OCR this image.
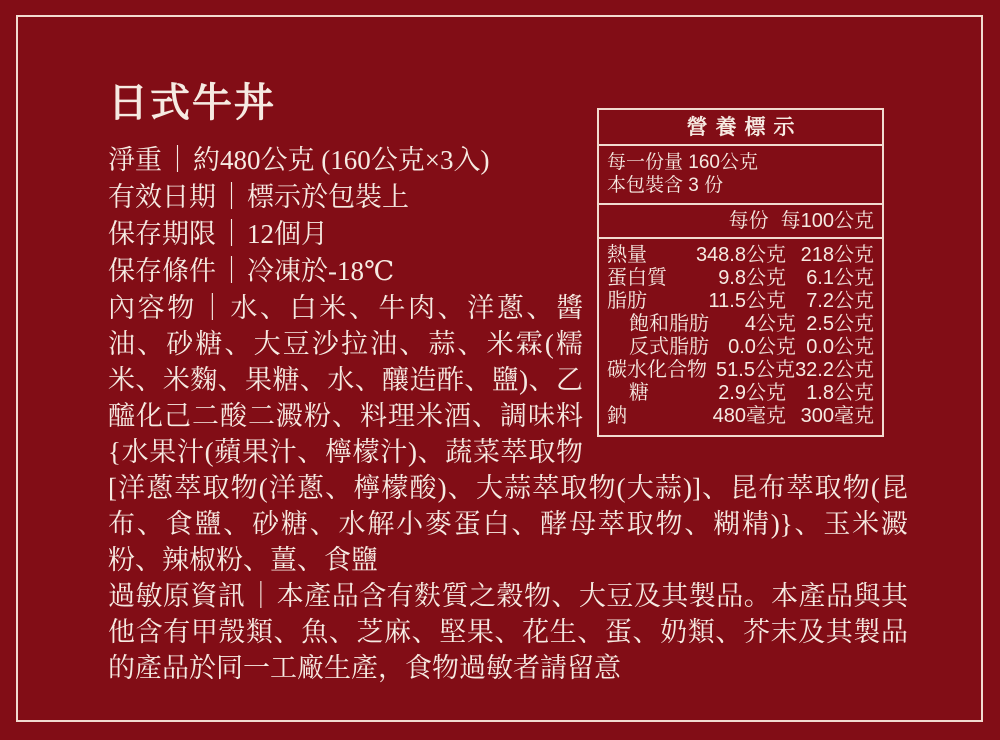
營養標示
每一份量 160公克
本包裝含 3 份
每份 每100公克
熱量	348.8公克 218公克
蛋白質	9.8公克	6.1公克
脂肪	11.5公克	7.2公克
飽和脂肪	4公克 2.5公克
反式脂肪 0.0公克 0.0公克
碳水化合物 51.5公克 32.2公克
糖	2.9公克	1.8公克
鈉	480毫克 300毫克
日式牛丼
淨重｜約480公克 (160公克×3入)
有效日期｜標示於包裝上
保存期限｜12個月
保存條件｜冷凍於-18℃

內容物｜水、白米、牛肉、洋蔥、醬油、砂糖、大豆沙拉油、蒜、米霖(糯米、米麴、果糖、水、釀造酢、鹽)、乙醯化己二酸二澱粉、料理米酒、調味料{水果汁(蘋果汁、檸檬汁)、蔬菜萃取物[洋蔥萃取物(洋蔥、檸檬酸)、大蒜萃取物(大蒜)]、昆布萃取物(昆布、食鹽、砂糖、水解小麥蛋白、酵母萃取物、糊精)}、玉米澱粉、辣椒粉、薑、食鹽

過敏原資訊｜本產品含有麩質之穀物、大豆及其製品。本產品與其他含有甲殼類、魚、芝麻、堅果、花生、蛋、奶類、芥末及其製品的產品於同一工廠生產，食物過敏者請留意
